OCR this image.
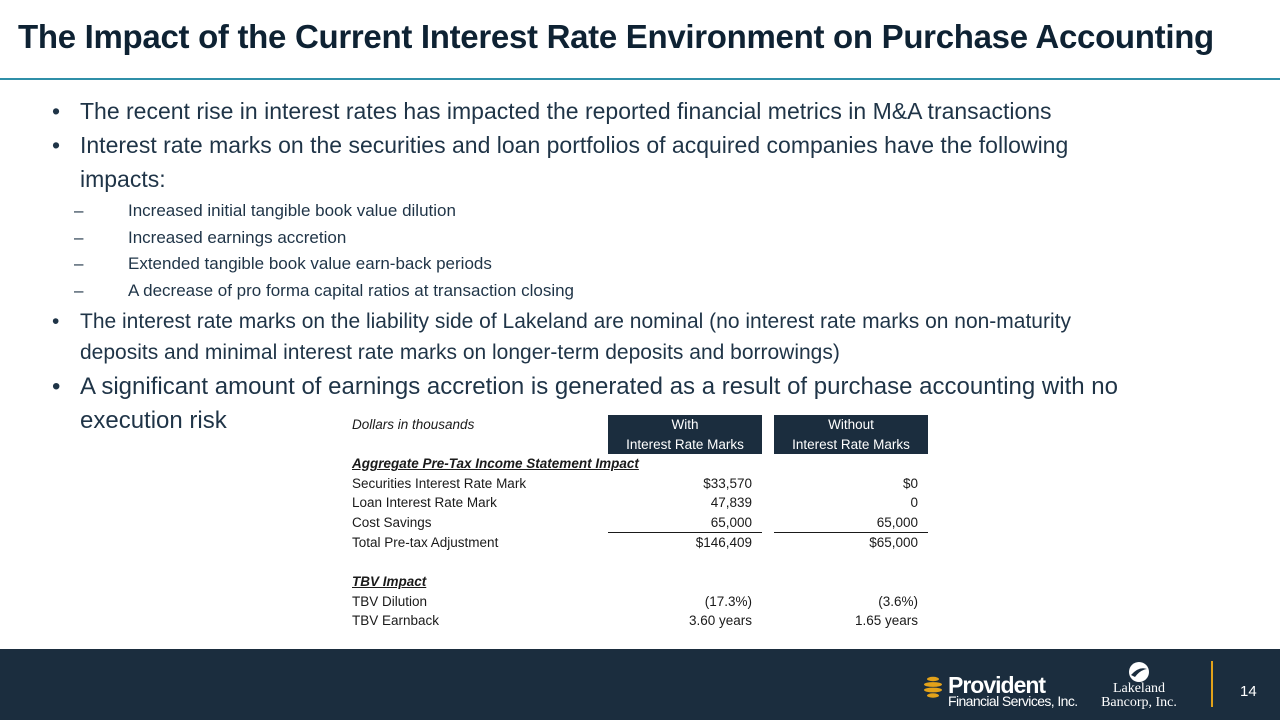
The Impact of the Current Interest Rate Environment on Purchase Accounting
• The recent rise in interest rates has impacted the reported financial metrics in M&A transactions
• Interest rate marks on the securities and loan portfolios of acquired companies have the following
impacts:
–	Increased initial tangible book value dilution
–	Increased earnings accretion
–	Extended tangible book value earn-back periods
–	A decrease of pro forma capital ratios at transaction closing
• The interest rate marks on the liability side of Lakeland are nominal (no interest rate marks on non-maturity
deposits and minimal interest rate marks on longer-term deposits and borrowings)
• A significant amount of earnings accretion is generated as a result of purchase accounting with no
execution risk	Dollars in thousands	With		Without
	Interest Rate Marks		Interest Rate Marks
Aggregate Pre-Tax Income Statement Impact			
Securities Interest Rate Mark	$33,570		$0
Loan Interest Rate Mark	47,839		0
Cost Savings	65,000		65,000
Total Pre-tax Adjustment	$146,409		$65,000

TBV Impact			
TBV Dilution	(17.3%)		(3.6%)
TBV Earnback	3.60 years		1.65 years
Provident
Financial Services, Inc.
Lakeland
Bancorp, Inc.
14
